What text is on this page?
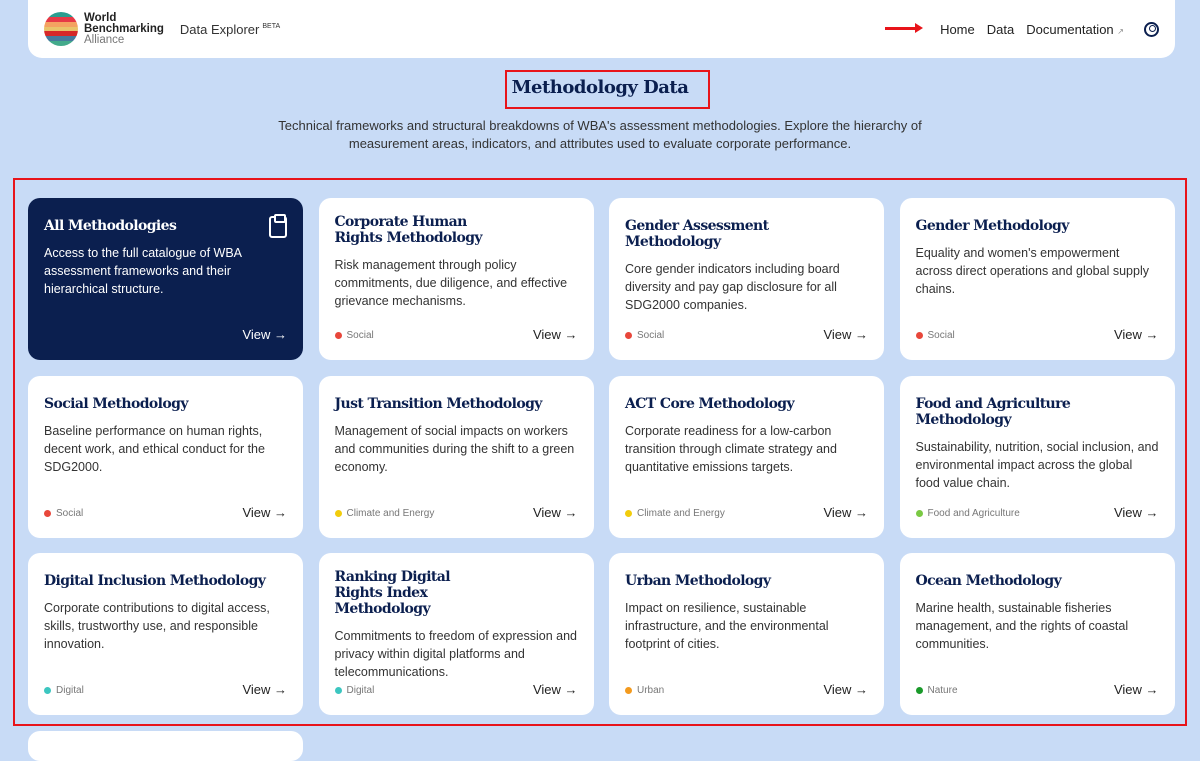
World
Benchmarking
Alliance
Data Explorer $^{BETA}$	Home Data Documentation ↗
Methodology Data

Technical frameworks and structural breakdowns of WBA's assessment methodologies. Explore the hierarchy of measurement areas, indicators, and attributes used to evaluate corporate performance.

All Methodologies

Access to the full catalogue of WBA assessment frameworks and their hierarchical structure.

View →
Corporate Human Rights Methodology

Risk management through policy commitments, due diligence, and effective grievance mechanisms.

Social	View →
Gender Assessment Methodology

Core gender indicators including board diversity and pay gap disclosure for all SDG2000 companies.

Social	View →
Gender Methodology

Equality and women's empowerment across direct operations and global supply chains.

Social	View →
Social Methodology

Baseline performance on human rights, decent work, and ethical conduct for the SDG2000.

Social	View →
Just Transition Methodology

Management of social impacts on workers and communities during the shift to a green economy.

Climate and Energy	View →
ACT Core Methodology

Corporate readiness for a low-carbon transition through climate strategy and quantitative emissions targets.

Climate and Energy	View →
Food and Agriculture Methodology

Sustainability, nutrition, social inclusion, and environmental impact across the global food value chain.

Food and Agriculture	View →
Digital Inclusion Methodology

Corporate contributions to digital access, skills, trustworthy use, and responsible innovation.

Digital	View →
Ranking Digital Rights Index Methodology

Commitments to freedom of expression and privacy within digital platforms and telecommunications.

Digital	View →
Urban Methodology

Impact on resilience, sustainable infrastructure, and the environmental footprint of cities.

Urban	View →
Ocean Methodology

Marine health, sustainable fisheries management, and the rights of coastal communities.

Nature	View →
